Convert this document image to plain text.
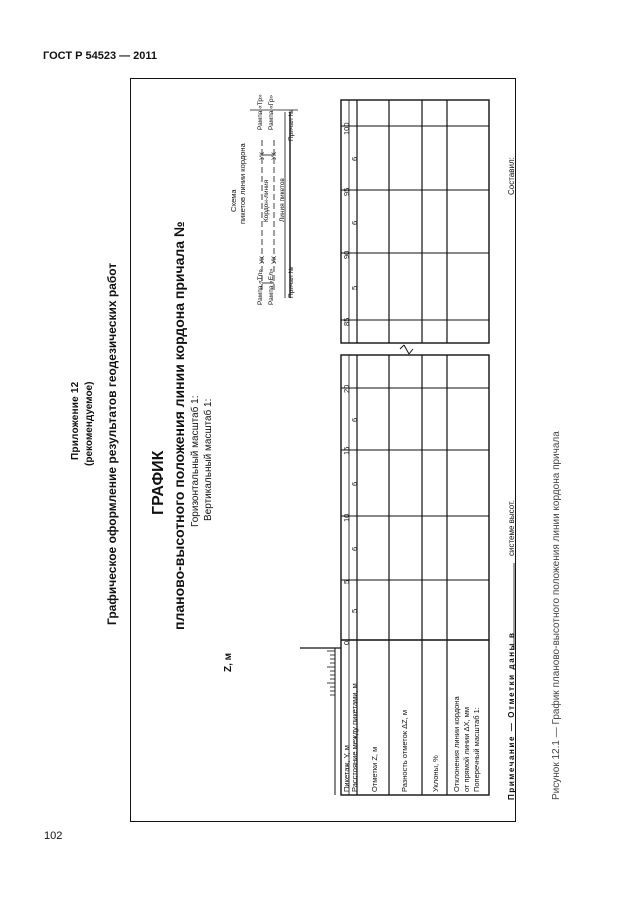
ГОСТ Р 54523 — 2011
Приложение 12 (рекомендуемое) Графическое оформление результатов геодезических работ ГРАФИК планово-высотного положения линии кордона причала № Горизонтальный масштаб 1: Вертикальный масштаб 1:
Z, м
Схема пикетов линии кордона
Рампа «Тл» Рампа «Ел» Причал №
УК УК
Кордон-линия Линия пикетов
УК УК
Причал №
Рампа «Тр» Рампа «Гр»
Пикетаж, Y, м Расстояние между пикетами, м Отметки Z, м	Разность отметок ΔZ, м	Уклоны, % Отклонения линии кордона
от прямой линии ΔX, мм
Поперечный масштаб 1:
0
5
10
15
20
5
6
6
6
85
90
95
100
5
6
6
Примечание — Отметки даны в
системе высот.
Составил:
Рисунок 12.1 — График планово-высотного положения линии кордона причала
102
